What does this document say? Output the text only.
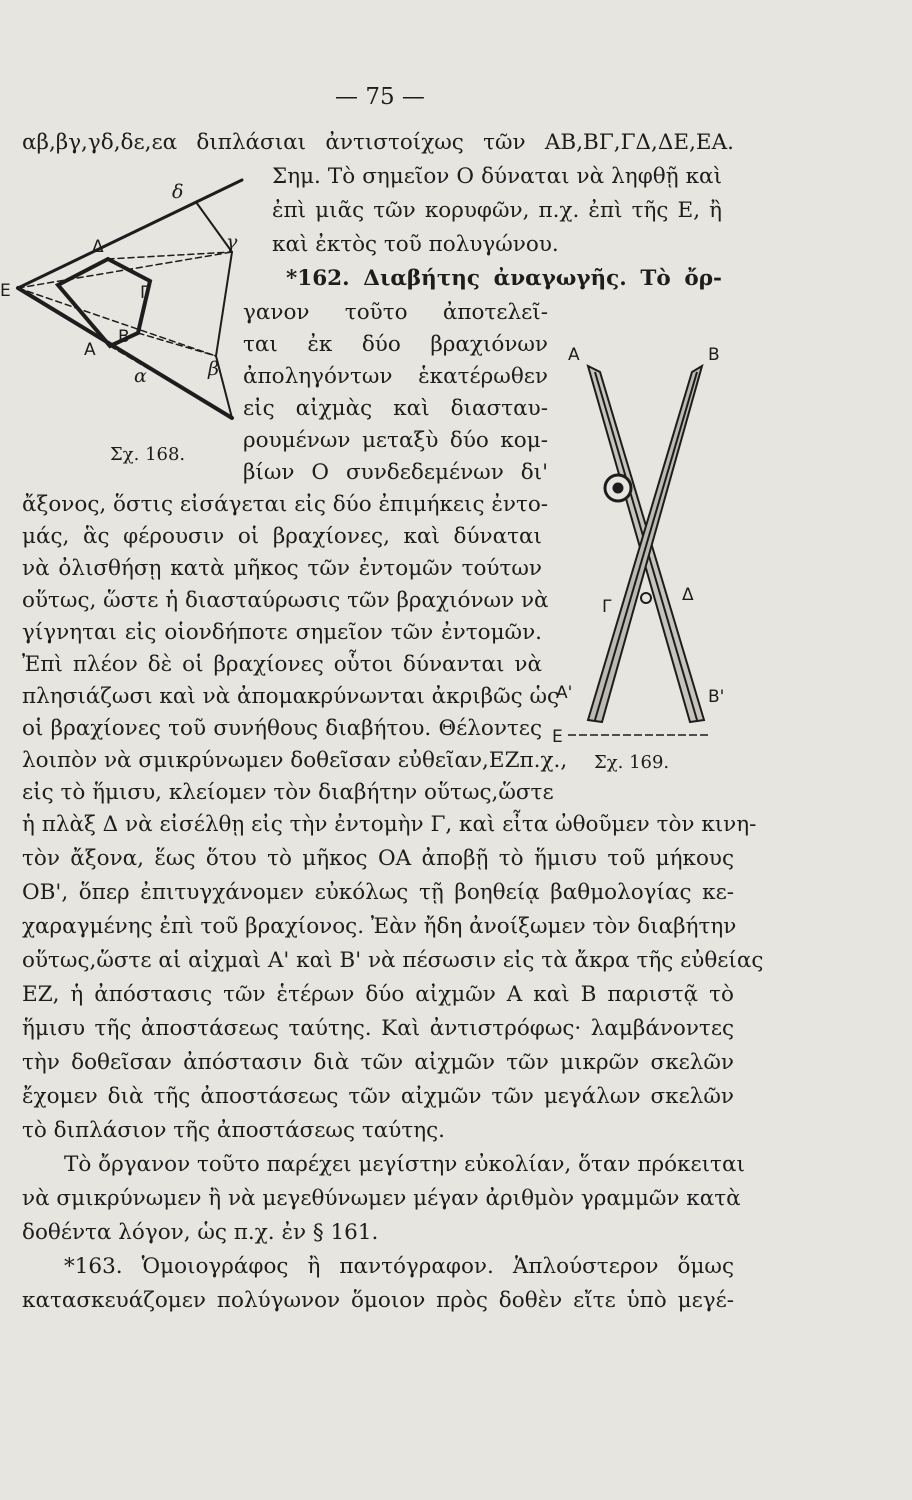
— 75 —
αβ,βγ,γδ,δε,εα διπλάσιαι ἀντιστοίχως τῶν ΑΒ,ΒΓ,ΓΔ,ΔΕ,ΕΑ.
Σημ. Τὸ σημεῖον Ο δύναται νὰ ληφθῇ καὶ
ἐπὶ μιᾶς τῶν κορυφῶν, π.χ. ἐπὶ τῆς Ε, ἢ
καὶ ἐκτὸς τοῦ πολυγώνου.
*162. Διαβήτης ἀναγωγῆς. Τὸ ὄρ-
γανον τοῦτο ἀποτελεῖ-
ται ἐκ δύο βραχιόνων
ἀποληγόντων ἑκατέρωθεν
εἰς αἰχμὰς καὶ διασταυ-
ρουμένων μεταξὺ δύο κομ-
βίων Ο συνδεδεμένων δι'
ἄξονος, ὅστις εἰσάγεται εἰς δύο ἐπιμήκεις ἐντο-
μάς, ἃς φέρουσιν οἱ βραχίονες, καὶ δύναται
νὰ ὀλισθήσῃ κατὰ μῆκος τῶν ἐντομῶν τούτων
οὕτως, ὥστε ἡ διασταύρωσις τῶν βραχιόνων νὰ
γίγνηται εἰς οἱονδήποτε σημεῖον τῶν ἐντομῶν.
Ἐπὶ πλέον δὲ οἱ βραχίονες οὗτοι δύνανται νὰ
πλησιάζωσι καὶ νὰ ἀπομακρύνωνται ἀκριβῶς ὡς
οἱ βραχίονες τοῦ συνήθους διαβήτου. Θέλοντες
λοιπὸν νὰ σμικρύνωμεν δοθεῖσαν εὐθεῖαν,ΕΖπ.χ.,
εἰς τὸ ἥμισυ, κλείομεν τὸν διαβήτην οὕτως,ὥστε
ἡ πλὰξ Δ νὰ εἰσέλθῃ εἰς τὴν ἐντομὴν Γ, καὶ εἶτα ὠθοῦμεν τὸν κινη-
τὸν ἄξονα, ἕως ὅτου τὸ μῆκος ΟΑ ἀποβῇ τὸ ἥμισυ τοῦ μήκους
ΟΒ', ὅπερ ἐπιτυγχάνομεν εὐκόλως τῇ βοηθείᾳ βαθμολογίας κε-
χαραγμένης ἐπὶ τοῦ βραχίονος. Ἐὰν ἤδη ἀνοίξωμεν τὸν διαβήτην
οὕτως,ὥστε αἱ αἰχμαὶ Α' καὶ Β' νὰ πέσωσιν εἰς τὰ ἄκρα τῆς εὐθείας
ΕΖ, ἡ ἀπόστασις τῶν ἑτέρων δύο αἰχμῶν Α καὶ Β παριστᾷ τὸ
ἥμισυ τῆς ἀποστάσεως ταύτης. Καὶ ἀντιστρόφως· λαμβάνοντες
τὴν δοθεῖσαν ἀπόστασιν διὰ τῶν αἰχμῶν τῶν μικρῶν σκελῶν
ἔχομεν διὰ τῆς ἀποστάσεως τῶν αἰχμῶν τῶν μεγάλων σκελῶν
τὸ διπλάσιον τῆς ἀποστάσεως ταύτης.
Τὸ ὄργανον τοῦτο παρέχει μεγίστην εὐκολίαν, ὅταν πρόκειται
νὰ σμικρύνωμεν ἢ νὰ μεγεθύνωμεν μέγαν ἀριθμὸν γραμμῶν κατὰ
δοθέντα λόγον, ὡς π.χ. ἐν § 161.
*163. Ὁμοιογράφος ἢ παντόγραφον. Ἁπλούστερον ὅμως
κατασκευάζομεν πολύγωνον ὅμοιον πρὸς δοθὲν εἴτε ὑπὸ μεγέ-
Δ
Ε	Γ
Β
Α
δ
γ
β
α
Σχ. 168.
Α	Β
Γ
Δ
Α'	Β'
Ε
Σχ. 169.
